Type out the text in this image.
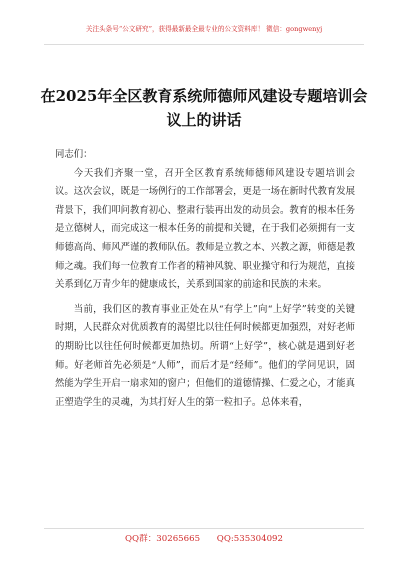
关注头条号“公文研究”，获得最新最全最专业的公文资料库！ 微信：gongwenyj
在2025年全区教育系统师德师风建设专题培训会议上的讲话

同志们：

今天我们齐聚一堂，召开全区教育系统师德师风建设专题培训会议。这次会议，既是一场例行的工作部署会，更是一场在新时代教育发展背景下，我们叩问教育初心、整肃行装再出发的动员会。教育的根本任务是立德树人，而完成这一根本任务的前提和关键，在于我们必须拥有一支师德高尚、师风严谨的教师队伍。教师是立教之本、兴教之源，师德是教师之魂。我们每一位教育工作者的精神风貌、职业操守和行为规范，直接关系到亿万青少年的健康成长，关系到国家的前途和民族的未来。

当前，我们区的教育事业正处在从“有学上”向“上好学”转变的关键时期，人民群众对优质教育的渴望比以往任何时候都更加强烈，对好老师的期盼比以往任何时候都更加热切。所谓“上好学”，核心就是遇到好老师。好老师首先必须是“人师”，而后才是“经师”。他们的学问见识，固然能为学生开启一扇求知的窗户；但他们的道德情操、仁爱之心，才能真正塑造学生的灵魂，为其打好人生的第一粒扣子。总体来看，

QQ群：30265665 QQ:535304092
